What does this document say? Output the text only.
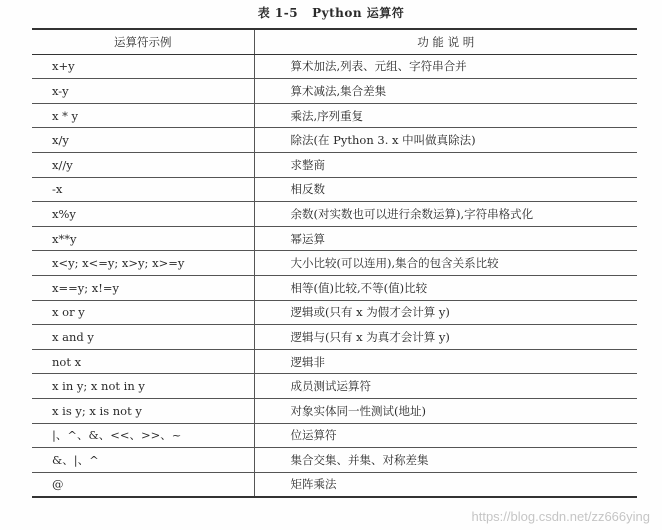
表 1-5   Python 运算符
运算符示例	功 能 说 明
x+y	算术加法,列表、元组、字符串合并
x-y	算术减法,集合差集
x * y	乘法,序列重复
x/y	除法(在 Python 3. x 中叫做真除法)
x//y	求整商
-x	相反数
x%y	余数(对实数也可以进行余数运算),字符串格式化
x**y	幂运算
x<y; x<=y; x>y; x>=y	大小比较(可以连用),集合的包含关系比较
x==y; x!=y	相等(值)比较,不等(值)比较
x or y	逻辑或(只有 x 为假才会计算 y)
x and y	逻辑与(只有 x 为真才会计算 y)
not x	逻辑非
x in y; x not in y	成员测试运算符
x is y; x is not y	对象实体同一性测试(地址)
|、^、&、<<、>>、~	位运算符
&、|、^	集合交集、并集、对称差集
@	矩阵乘法
https://blog.csdn.net/zz666ying
